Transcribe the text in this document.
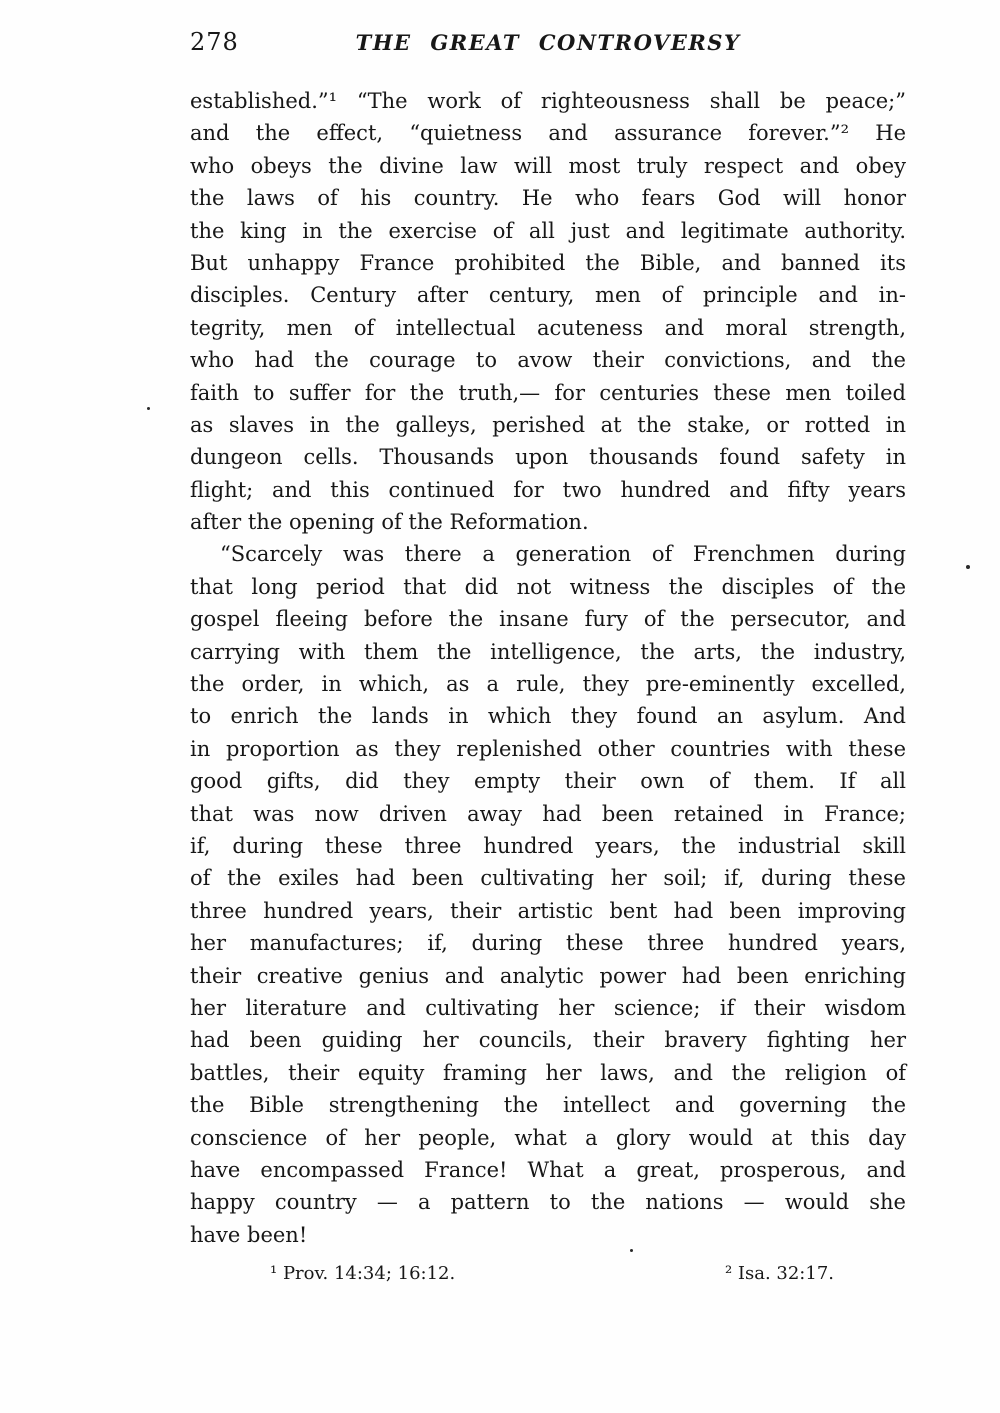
278	THE GREAT CONTROVERSY
established.”¹ “The work of righteousness shall be peace;”
and the effect, “quietness and assurance forever.”² He
who obeys the divine law will most truly respect and obey
the laws of his country. He who fears God will honor
the king in the exercise of all just and legitimate authority.
But unhappy France prohibited the Bible, and banned its
disciples. Century after century, men of principle and in-
tegrity, men of intellectual acuteness and moral strength,
who had the courage to avow their convictions, and the
faith to suffer for the truth,— for centuries these men toiled
as slaves in the galleys, perished at the stake, or rotted in
dungeon cells. Thousands upon thousands found safety in
flight; and this continued for two hundred and fifty years
after the opening of the Reformation.
“Scarcely was there a generation of Frenchmen during
that long period that did not witness the disciples of the
gospel fleeing before the insane fury of the persecutor, and
carrying with them the intelligence, the arts, the industry,
the order, in which, as a rule, they pre-eminently excelled,
to enrich the lands in which they found an asylum. And
in proportion as they replenished other countries with these
good gifts, did they empty their own of them. If all
that was now driven away had been retained in France;
if, during these three hundred years, the industrial skill
of the exiles had been cultivating her soil; if, during these
three hundred years, their artistic bent had been improving
her manufactures; if, during these three hundred years,
their creative genius and analytic power had been enriching
her literature and cultivating her science; if their wisdom
had been guiding her councils, their bravery fighting her
battles, their equity framing her laws, and the religion of
the Bible strengthening the intellect and governing the
conscience of her people, what a glory would at this day
have encompassed France! What a great, prosperous, and
happy country — a pattern to the nations — would she
have been!
¹ Prov. 14:34; 16:12.	² Isa. 32:17.
